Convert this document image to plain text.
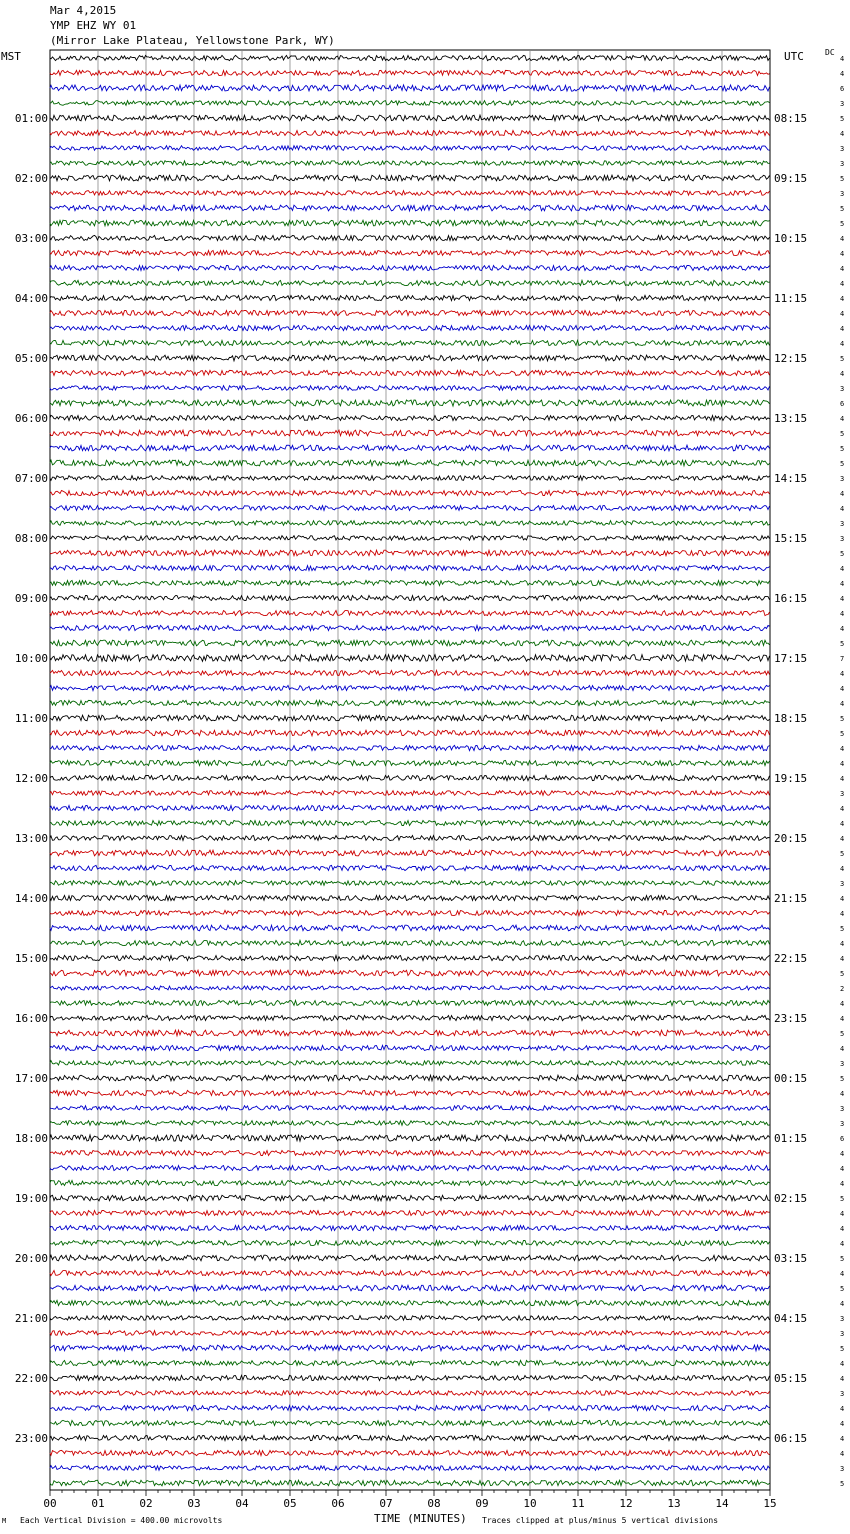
Mar 4,2015
YMP EHZ WY 01
(Mirror Lake Plateau, Yellowstone Park, WY)
MST	UTC	DC
01:00
02:00
03:00
04:00
05:00
06:00
07:00
08:00
09:00
10:00
11:00
12:00
13:00
14:00
15:00
16:00
17:00
18:00
19:00
20:00
21:00
22:00
23:00
08:15
09:15
10:15
11:15
12:15
13:15
14:15
15:15
16:15
17:15
18:15
19:15
20:15
21:15
22:15
23:15
00:15
01:15
02:15
03:15
04:15
05:15
06:15
4
4
6
3
5
4
3
3
5
3
5
5
4
4
4
4
4
4
4
4
5
4
3
6
4
5
5
5
3
4
4
3
3
5
4
4
4
4
4
5
7
4
4
4
5
5
4
4
4
3
4
4
4
5
4
3
4
4
5
4
4
5
2
4
4
5
4
3
5
4
3
3
6
4
4
4
5
4
4
4
5
4
5
4
3
3
5
4
4
3
4
4
4
4
3
5
00	01	02	03	04	05	06	07	08	09	10	11	12	13	14	15
M Each Vertical Division = 400.00 microvolts	TIME (MINUTES) Traces clipped at plus/minus 5 vertical divisions
